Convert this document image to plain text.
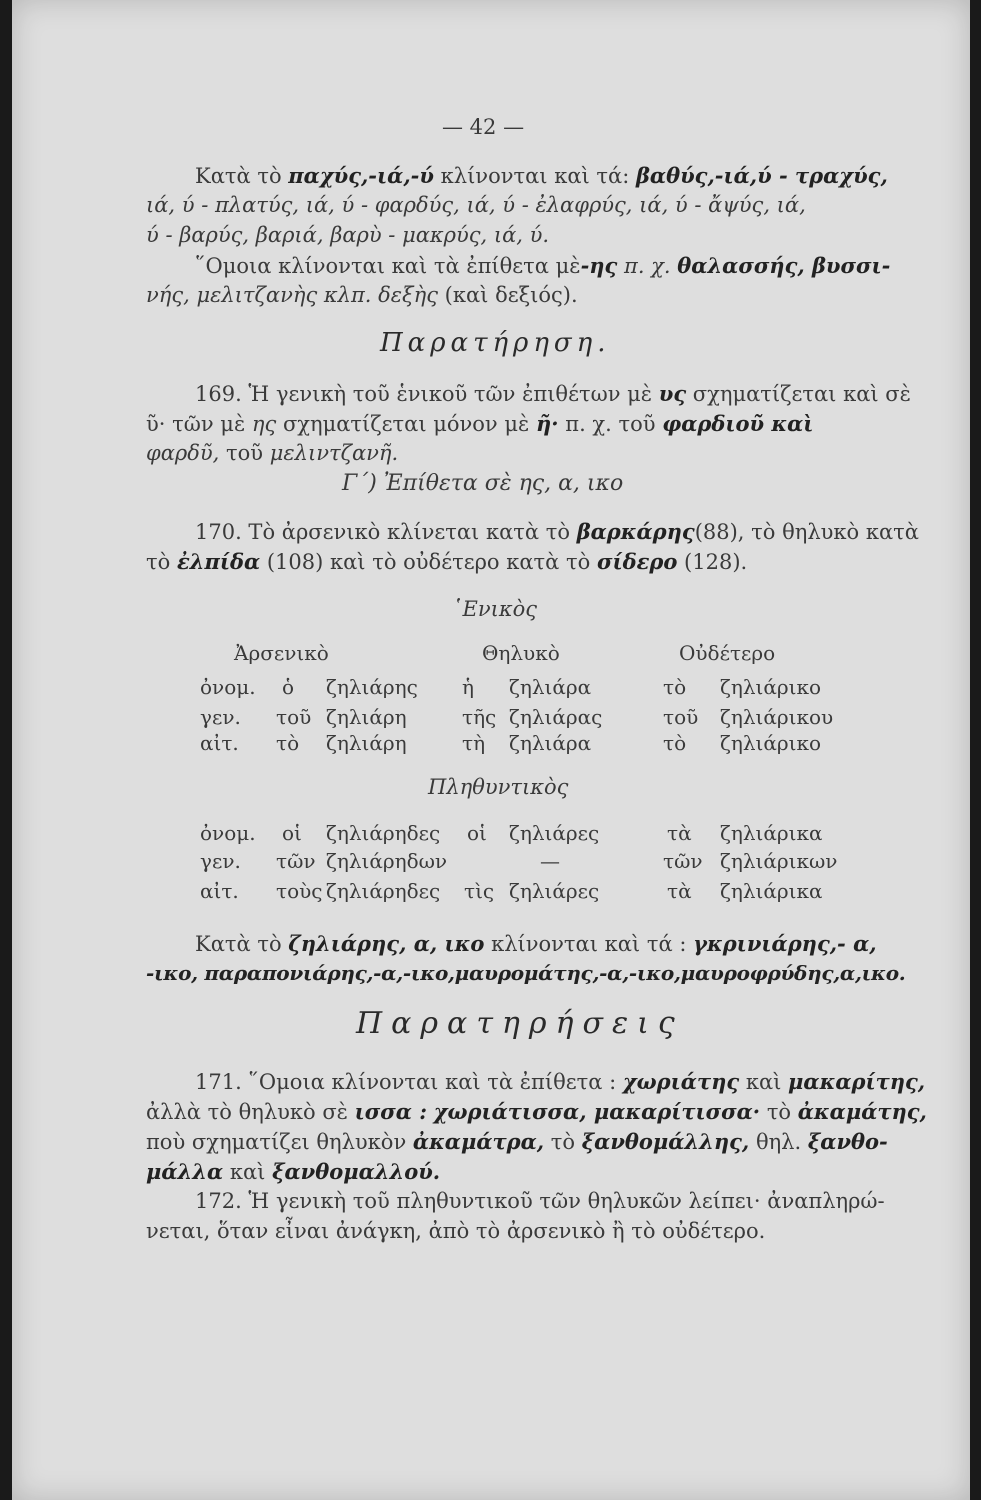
— 42 —
Κατὰ τὸ παχύς,-ιά,-ύ κλίνονται καὶ τά: βαθύς,-ιά,ύ - τραχύς,
ιά, ύ - πλατύς, ιά, ύ - φαρδύς, ιά, ύ - ἐλαφρύς, ιά, ύ - ἄψύς, ιά,
ύ - βαρύς, βαριά, βαρὺ - μακρύς, ιά, ύ.
῞Ομοια κλίνονται καὶ τὰ ἐπίθετα μὲ-ης π. χ. θαλασσής, βυσσι-
νής, μελιτζανὴς κλπ. δεξὴς (καὶ δεξιός).
Παρατήρηση.
169. Ἡ γενικὴ τοῦ ἑνικοῦ τῶν ἐπιθέτων μὲ υς σχηματίζεται καὶ σὲ
ῦ· τῶν μὲ ης σχηματίζεται μόνον μὲ ῆ· π. χ. τοῦ φαρδιοῦ καὶ
φαρδῦ, τοῦ μελιντζανῆ.
Γ΄) Ἐπίθετα σὲ ης, α, ικο
170. Τὸ ἀρσενικὸ κλίνεται κατὰ τὸ βαρκάρης(88), τὸ θηλυκὸ κατὰ
τὸ ἐλπίδα (108) καὶ τὸ οὐδέτερο κατὰ τὸ σίδερο (128).
῾Ενικὸς
Ἀρσενικὸ	Θηλυκὸ	Οὐδέτερο
ὀνομ. ὁ ζηλιάρης ἡ ζηλιάρα	τὸ ζηλιάρικο
γεν. τοῦ ζηλιάρη	τῆς ζηλιάρας	τοῦ ζηλιάρικου
αἰτ. τὸ ζηλιάρη	τὴ ζηλιάρα	τὸ ζηλιάρικο
Πληθυντικὸς
ὀνομ. οἱ ζηλιάρηδες οἱ ζηλιάρες	τὰ ζηλιάρικα
γεν. τῶν ζηλιάρηδων	—	τῶν ζηλιάρικων
αἰτ. τοὺς ζηλιάρηδες τὶς ζηλιάρες	τὰ ζηλιάρικα
Κατὰ τὸ ζηλιάρης, α, ικο κλίνονται καὶ τά : γκρινιάρης,- α,
-ικο, παραπονιάρης,-α,-ικο,μαυρομάτης,-α,-ικο,μαυροφρύδης,α,ικο.
Παρατηρήσεις
171. ῞Ομοια κλίνονται καὶ τὰ ἐπίθετα : χωριάτης καὶ μακαρίτης,
ἀλλὰ τὸ θηλυκὸ σὲ ισσα : χωριάτισσα, μακαρίτισσα· τὸ ἀκαμάτης,
ποὺ σχηματίζει θηλυκὸν ἀκαμάτρα, τὸ ξανθομάλλης, θηλ. ξανθο-
μάλλα καὶ ξανθομαλλού.
172. Ἡ γενικὴ τοῦ πληθυντικοῦ τῶν θηλυκῶν λείπει· ἀναπληρώ-
νεται, ὅταν εἶναι ἀνάγκη, ἀπὸ τὸ ἀρσενικὸ ἢ τὸ οὐδέτερο.
